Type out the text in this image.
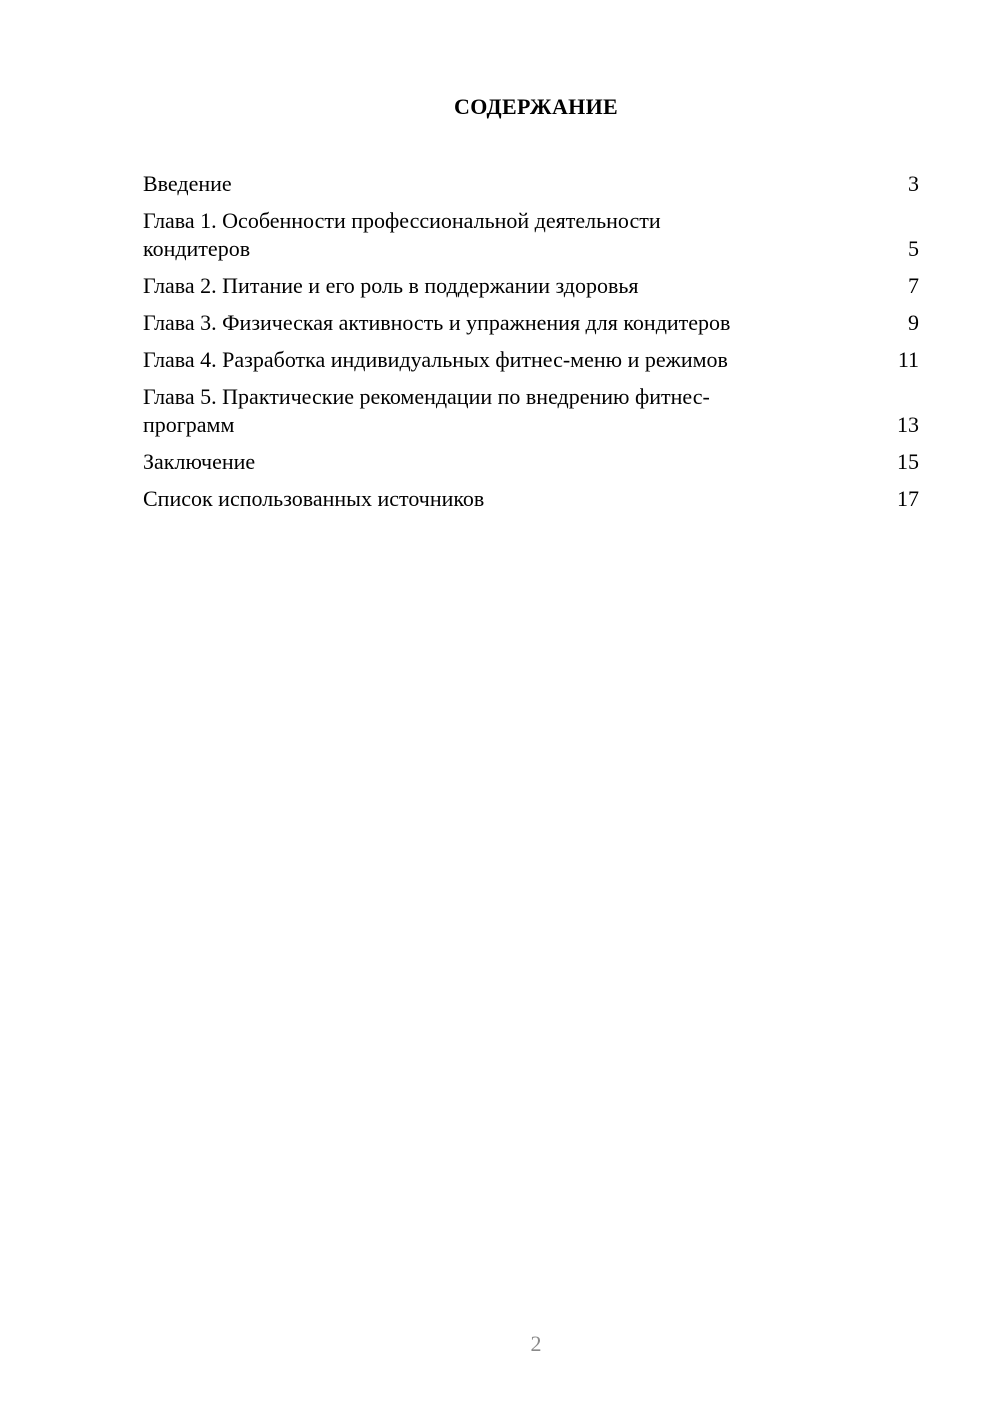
СОДЕРЖАНИЕ
Введение	3
Глава 1. Особенности профессиональной деятельности кондитеров	5
Глава 2. Питание и его роль в поддержании здоровья	7
Глава 3. Физическая активность и упражнения для кондитеров	9
Глава 4. Разработка индивидуальных фитнес-меню и режимов	11
Глава 5. Практические рекомендации по внедрению фитнес-программ	13
Заключение	15
Список использованных источников	17
2
